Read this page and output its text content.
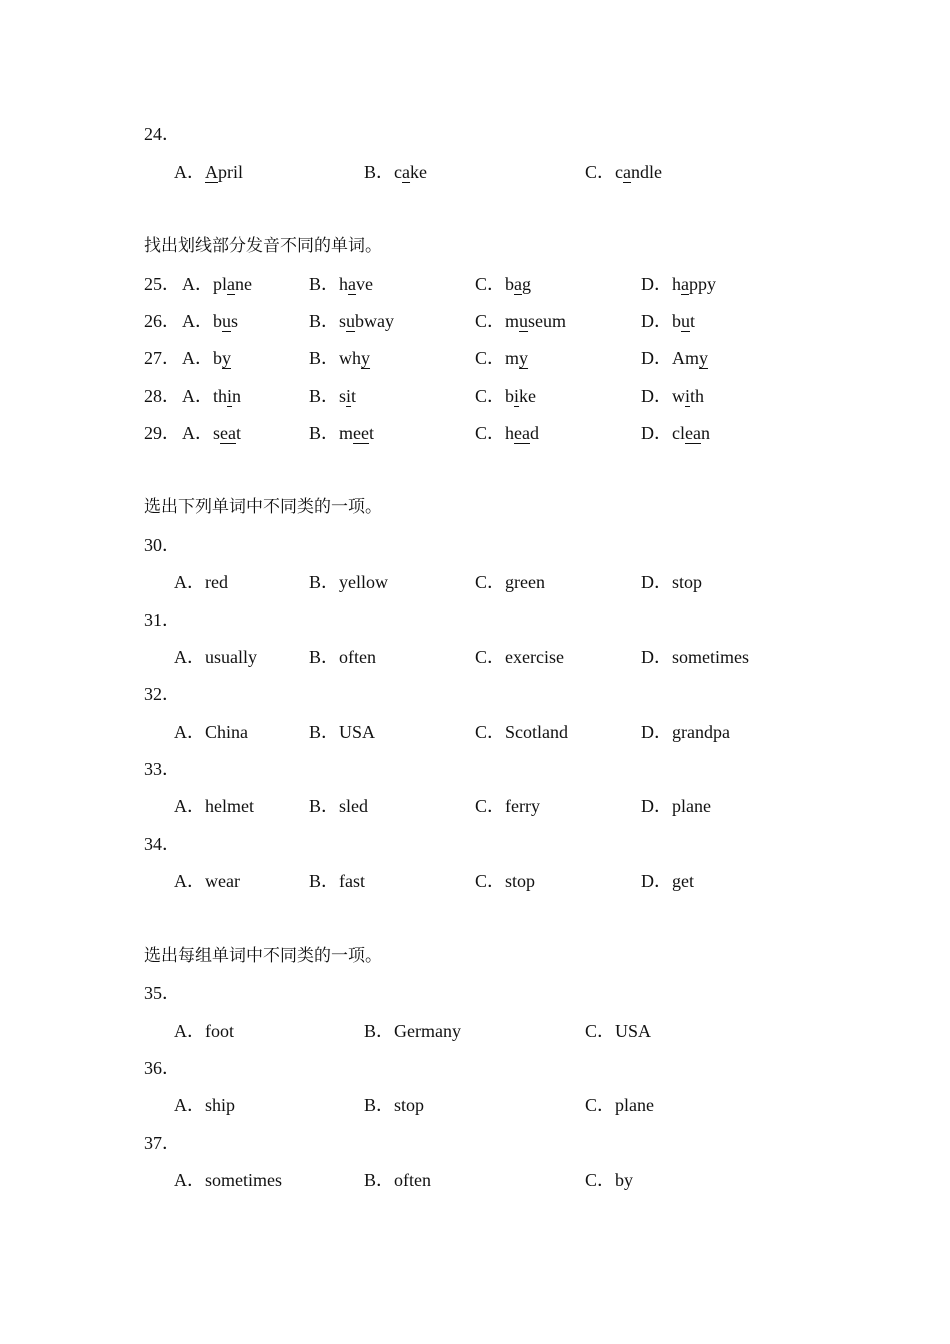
24．
A．April	B．cake	C．candle
找出划线部分发音不同的单词。
25． A．plane	B．have	C．bag	D．happy
26． A．bus	B．subway	C．museum	D．but
27． A．by	B．why	C．my	D．Amy
28． A．thin	B．sit	C．bike	D．with
29． A．seat	B．meet	C．head	D．clean
选出下列单词中不同类的一项。
30．
A．red	B．yellow	C．green	D．stop
31．
A．usually	B．often	C．exercise	D．sometimes
32．
A．China	B．USA	C．Scotland	D．grandpa
33．
A．helmet	B．sled	C．ferry	D．plane
34．
A．wear	B．fast	C．stop	D．get
选出每组单词中不同类的一项。
35．
A．foot	B．Germany	C．USA
36．
A．ship	B．stop	C．plane
37．
A．sometimes	B．often	C．by
